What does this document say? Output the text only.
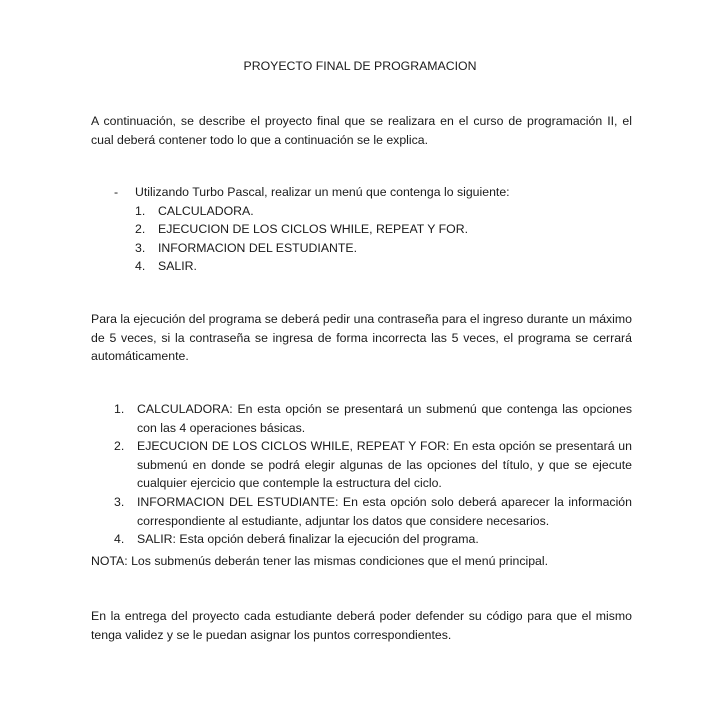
PROYECTO FINAL DE PROGRAMACION
A continuación, se describe el proyecto final que se realizara en el curso de programación II, el cual deberá contener todo lo que a continuación se le explica.
-	Utilizando Turbo Pascal, realizar un menú que contenga lo siguiente:
1.	CALCULADORA.
2.	EJECUCION DE LOS CICLOS WHILE, REPEAT Y FOR.
3.	INFORMACION DEL ESTUDIANTE.
4.	SALIR.
Para la ejecución del programa se deberá pedir una contraseña para el ingreso durante un máximo de 5 veces, si la contraseña se ingresa de forma incorrecta las 5 veces, el programa se cerrará automáticamente.
1.	CALCULADORA: En esta opción se presentará un submenú que contenga las opciones con las 4 operaciones básicas.
2.	EJECUCION DE LOS CICLOS WHILE, REPEAT Y FOR: En esta opción se presentará un submenú en donde se podrá elegir algunas de las opciones del título, y que se ejecute cualquier ejercicio que contemple la estructura del ciclo.
3.	INFORMACION DEL ESTUDIANTE: En esta opción solo deberá aparecer la información correspondiente al estudiante, adjuntar los datos que considere necesarios.
4.	SALIR: Esta opción deberá finalizar la ejecución del programa.
NOTA: Los submenús deberán tener las mismas condiciones que el menú principal.
En la entrega del proyecto cada estudiante deberá poder defender su código para que el mismo tenga validez y se le puedan asignar los puntos correspondientes.
